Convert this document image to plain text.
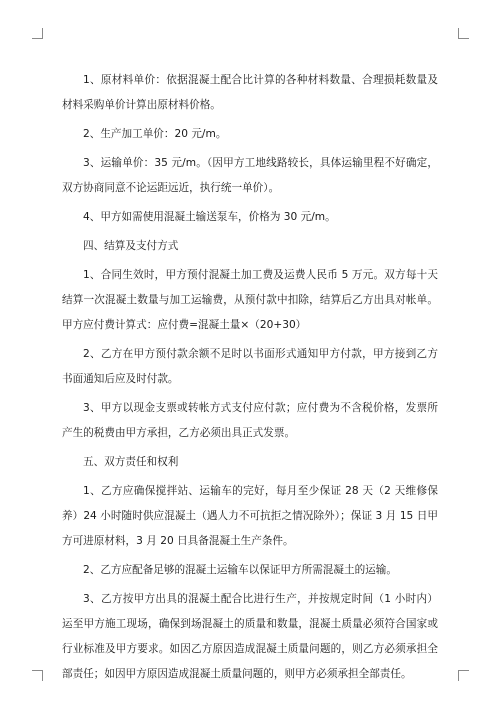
1、原材料单价：依据混凝土配合比计算的各种材料数量、合理损耗数量及材料采购单价计算出原材料价格。

2、生产加工单价：20 元/m。

3、运输单价：35 元/m。（因甲方工地线路较长，具体运输里程不好确定，双方协商同意不论运距远近，执行统一单价）。

4、甲方如需使用混凝土输送泵车，价格为 30 元/m。

四、结算及支付方式

1、合同生效时，甲方预付混凝土加工费及运费人民币 5 万元。双方每十天结算一次混凝土数量与加工运输费，从预付款中扣除，结算后乙方出具对帐单。甲方应付费计算式：应付费=混凝土量×（20+30）

2、乙方在甲方预付款余额不足时以书面形式通知甲方付款，甲方接到乙方书面通知后应及时付款。

3、甲方以现金支票或转帐方式支付应付款；应付费为不含税价格，发票所产生的税费由甲方承担，乙方必须出具正式发票。

五、双方责任和权利

1、乙方应确保搅拌站、运输车的完好，每月至少保证 28 天（2 天维修保养）24 小时随时供应混凝土（遇人力不可抗拒之情况除外）；保证 3 月 15 日甲方可进原材料，3 月 20 日具备混凝土生产条件。

2、乙方应配备足够的混凝土运输车以保证甲方所需混凝土的运输。

3、乙方按甲方出具的混凝土配合比进行生产，并按规定时间（1 小时内）运至甲方施工现场，确保到场混凝土的质量和数量，混凝土质量必须符合国家或行业标准及甲方要求。如因乙方原因造成混凝土质量问题的，则乙方必须承担全部责任；如因甲方原因造成混凝土质量问题的，则甲方必须承担全部责任。
